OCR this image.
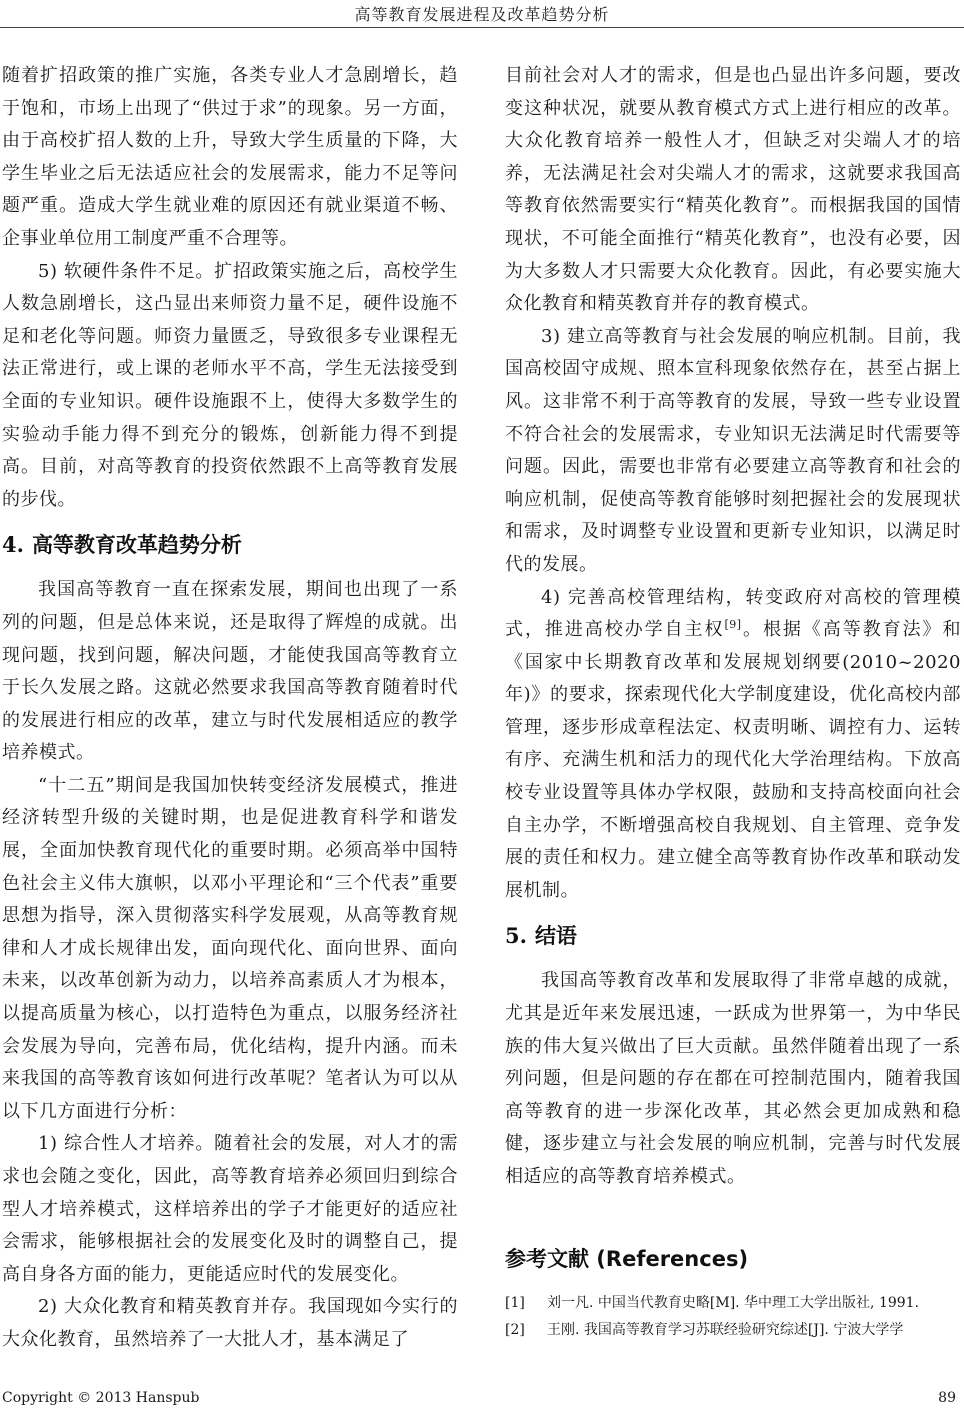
高等教育发展进程及改革趋势分析

随着扩招政策的推广实施，各类专业人才急剧增长，趋于饱和，市场上出现了“供过于求”的现象。另一方面，由于高校扩招人数的上升，导致大学生质量的下降，大学生毕业之后无法适应社会的发展需求，能力不足等问题严重。造成大学生就业难的原因还有就业渠道不畅、企事业单位用工制度严重不合理等。

5) 软硬件条件不足。扩招政策实施之后，高校学生人数急剧增长，这凸显出来师资力量不足，硬件设施不足和老化等问题。师资力量匮乏，导致很多专业课程无法正常进行，或上课的老师水平不高，学生无法接受到全面的专业知识。硬件设施跟不上，使得大多数学生的实验动手能力得不到充分的锻炼，创新能力得不到提高。目前，对高等教育的投资依然跟不上高等教育发展的步伐。

4. 高等教育改革趋势分析

我国高等教育一直在探索发展，期间也出现了一系列的问题，但是总体来说，还是取得了辉煌的成就。出现问题，找到问题，解决问题，才能使我国高等教育立于长久发展之路。这就必然要求我国高等教育随着时代的发展进行相应的改革，建立与时代发展相适应的教学培养模式。

“十二五”期间是我国加快转变经济发展模式，推进经济转型升级的关键时期，也是促进教育科学和谐发展，全面加快教育现代化的重要时期。必须高举中国特色社会主义伟大旗帜，以邓小平理论和“三个代表”重要思想为指导，深入贯彻落实科学发展观，从高等教育规律和人才成长规律出发，面向现代化、面向世界、面向未来，以改革创新为动力，以培养高素质人才为根本，以提高质量为核心，以打造特色为重点，以服务经济社会发展为导向，完善布局，优化结构，提升内涵。而未来我国的高等教育该如何进行改革呢？笔者认为可以从以下几方面进行分析：

1) 综合性人才培养。随着社会的发展，对人才的需求也会随之变化，因此，高等教育培养必须回归到综合型人才培养模式，这样培养出的学子才能更好的适应社会需求，能够根据社会的发展变化及时的调整自己，提高自身各方面的能力，更能适应时代的发展变化。

2) 大众化教育和精英教育并存。我国现如今实行的大众化教育，虽然培养了一大批人才，基本满足了

目前社会对人才的需求，但是也凸显出许多问题，要改变这种状况，就要从教育模式方式上进行相应的改革。大众化教育培养一般性人才，但缺乏对尖端人才的培养，无法满足社会对尖端人才的需求，这就要求我国高等教育依然需要实行“精英化教育”。而根据我国的国情现状，不可能全面推行“精英化教育”，也没有必要，因为大多数人才只需要大众化教育。因此，有必要实施大众化教育和精英教育并存的教育模式。

3) 建立高等教育与社会发展的响应机制。目前，我国高校固守成规、照本宣科现象依然存在，甚至占据上风。这非常不利于高等教育的发展，导致一些专业设置不符合社会的发展需求，专业知识无法满足时代需要等问题。因此，需要也非常有必要建立高等教育和社会的响应机制，促使高等教育能够时刻把握社会的发展现状和需求，及时调整专业设置和更新专业知识，以满足时代的发展。

4) 完善高校管理结构，转变政府对高校的管理模式，推进高校办学自主权[9]。根据《高等教育法》和《国家中长期教育改革和发展规划纲要(2010~2020年)》的要求，探索现代化大学制度建设，优化高校内部管理，逐步形成章程法定、权责明晰、调控有力、运转有序、充满生机和活力的现代化大学治理结构。下放高校专业设置等具体办学权限，鼓励和支持高校面向社会自主办学，不断增强高校自我规划、自主管理、竞争发展的责任和权力。建立健全高等教育协作改革和联动发展机制。

5. 结语

我国高等教育改革和发展取得了非常卓越的成就，尤其是近年来发展迅速，一跃成为世界第一，为中华民族的伟大复兴做出了巨大贡献。虽然伴随着出现了一系列问题，但是问题的存在都在可控制范围内，随着我国高等教育的进一步深化改革，其必然会更加成熟和稳健，逐步建立与社会发展的响应机制，完善与时代发展相适应的高等教育培养模式。

参考文献 (References)
[1]	刘一凡. 中国当代教育史略[M]. 华中理工大学出版社, 1991.
[2]	王刚. 我国高等教育学习苏联经验研究综述[J]. 宁波大学学
Copyright © 2013 Hanspub	89
